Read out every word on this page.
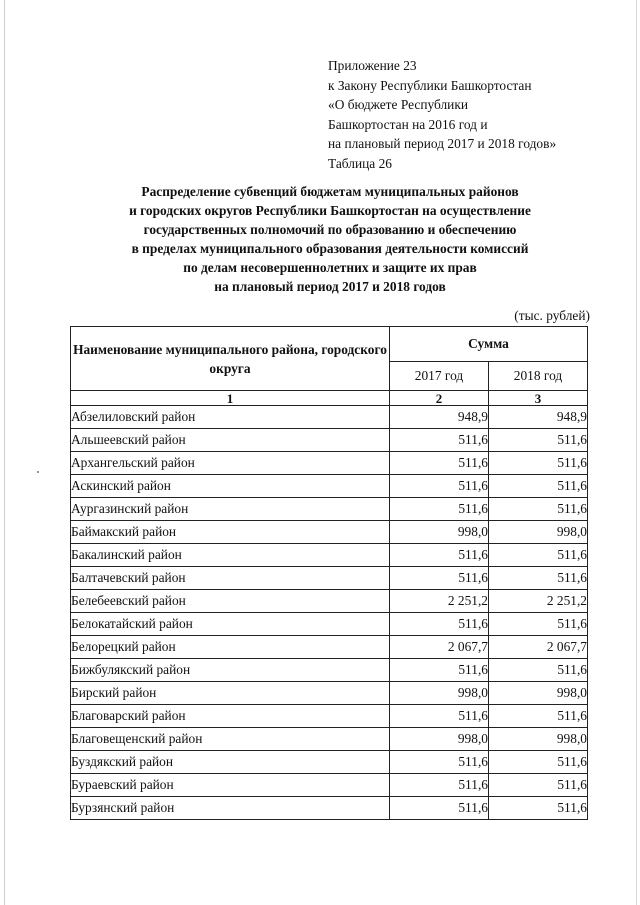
Приложение 23
к Закону Республики Башкортостан
«О бюджете Республики
Башкортостан на 2016 год и
на плановый период 2017 и 2018 годов»
Таблица 26
Распределение субвенций бюджетам муниципальных районов
и городских округов Республики Башкортостан на осуществление
государственных полномочий по образованию и обеспечению
в пределах муниципального образования деятельности комиссий
по делам несовершеннолетних и защите их прав
на плановый период 2017 и 2018 годов
(тыс. рублей)
Наименование муниципального района, городского округа	Сумма	
	2017 год	2018 год
1	2	3
Абзелиловский район	948,9	948,9
Альшеевский район	511,6	511,6
Архангельский район	511,6	511,6
Аскинский район	511,6	511,6
Аургазинский район	511,6	511,6
Баймакский район	998,0	998,0
Бакалинский район	511,6	511,6
Балтачевский район	511,6	511,6
Белебеевский район	2 251,2	2 251,2
Белокатайский район	511,6	511,6
Белорецкий район	2 067,7	2 067,7
Бижбулякский район	511,6	511,6
Бирский район	998,0	998,0
Благоварский район	511,6	511,6
Благовещенский район	998,0	998,0
Буздякский район	511,6	511,6
Бураевский район	511,6	511,6
Бурзянский район	511,6	511,6
